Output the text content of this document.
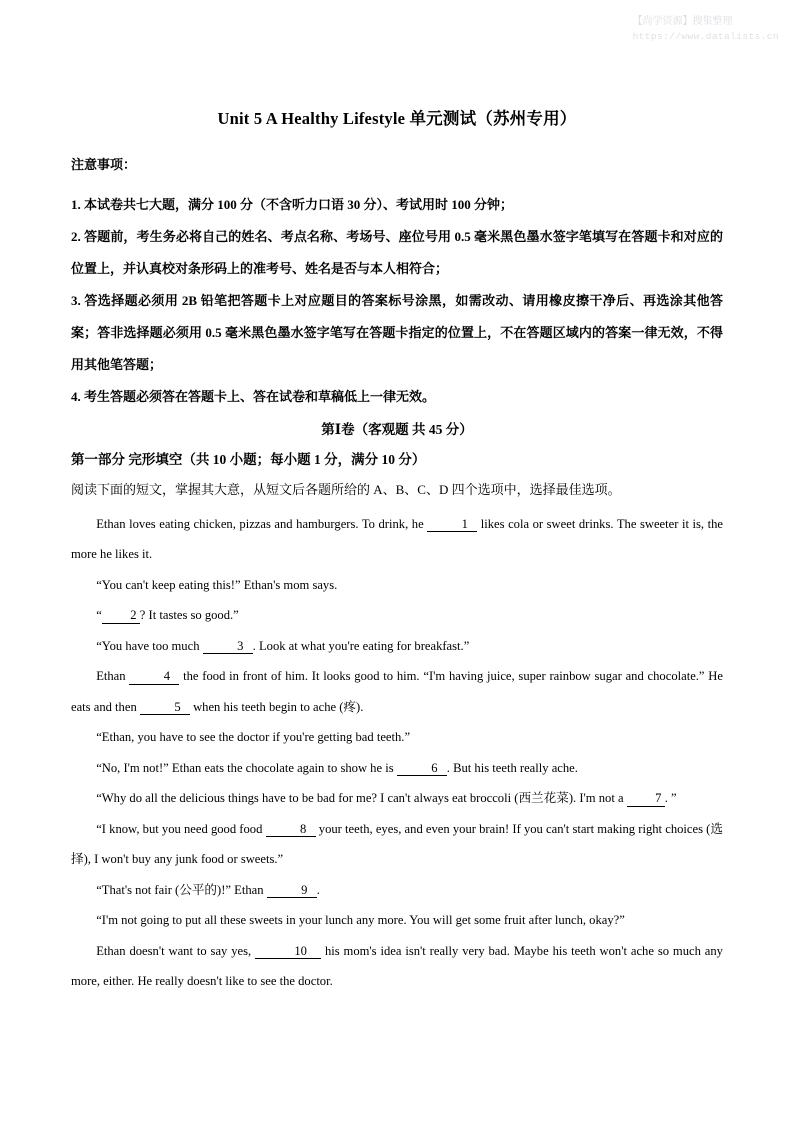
【尚学资源】搜集整理
https://www.datalists.cn
Unit 5 A Healthy Lifestyle 单元测试（苏州专用）

注意事项：

1. 本试卷共七大题，满分 100 分（不含听力口语 30 分）、考试用时 100 分钟；

2. 答题前，考生务必将自己的姓名、考点名称、考场号、座位号用 0.5 毫米黑色墨水签字笔填写在答题卡和对应的位置上，并认真校对条形码上的准考号、姓名是否与本人相符合；

3. 答选择题必须用 2B 铅笔把答题卡上对应题目的答案标号涂黑，如需改动、请用橡皮擦干净后、再选涂其他答案；答非选择题必须用 0.5 毫米黑色墨水签字笔写在答题卡指定的位置上，不在答题区域内的答案一律无效，不得用其他笔答题；

4. 考生答题必须答在答题卡上、答在试卷和草稿低上一律无效。

第Ⅰ卷（客观题 共 45 分）

第一部分 完形填空（共 10 小题；每小题 1 分，满分 10 分）

阅读下面的短文，掌握其大意，从短文后各题所给的 A、B、C、D 四个选项中，选择最佳选项。

Ethan loves eating chicken, pizzas and hamburgers. To drink, he	1 likes cola or sweet drinks. The sweeter it is, the more he likes it.

“You can't keep eating this!” Ethan's mom says.

“ 2 ? It tastes so good.”

“You have too much	3 . Look at what you're eating for breakfast.”

Ethan	4 the food in front of him. It looks good to him. “I'm having juice, super rainbow sugar and chocolate.” He eats and then	5 when his teeth begin to ache (疼).

“Ethan, you have to see the doctor if you're getting bad teeth.”

“No, I'm not!” Ethan eats the chocolate again to show he is	6 . But his teeth really ache.

“Why do all the delicious things have to be bad for me? I can't always eat broccoli (西兰花菜). I'm not a	7 . ”

“I know, but you need good food	8 your teeth, eyes, and even your brain! If you can't start making right choices (选择), I won't buy any junk food or sweets.”

“That's not fair (公平的)!” Ethan	9 .

“I'm not going to put all these sweets in your lunch any more. You will get some fruit after lunch, okay?”

Ethan doesn't want to say yes,	10 his mom's idea isn't really very bad. Maybe his teeth won't ache so much any more, either. He really doesn't like to see the doctor.
